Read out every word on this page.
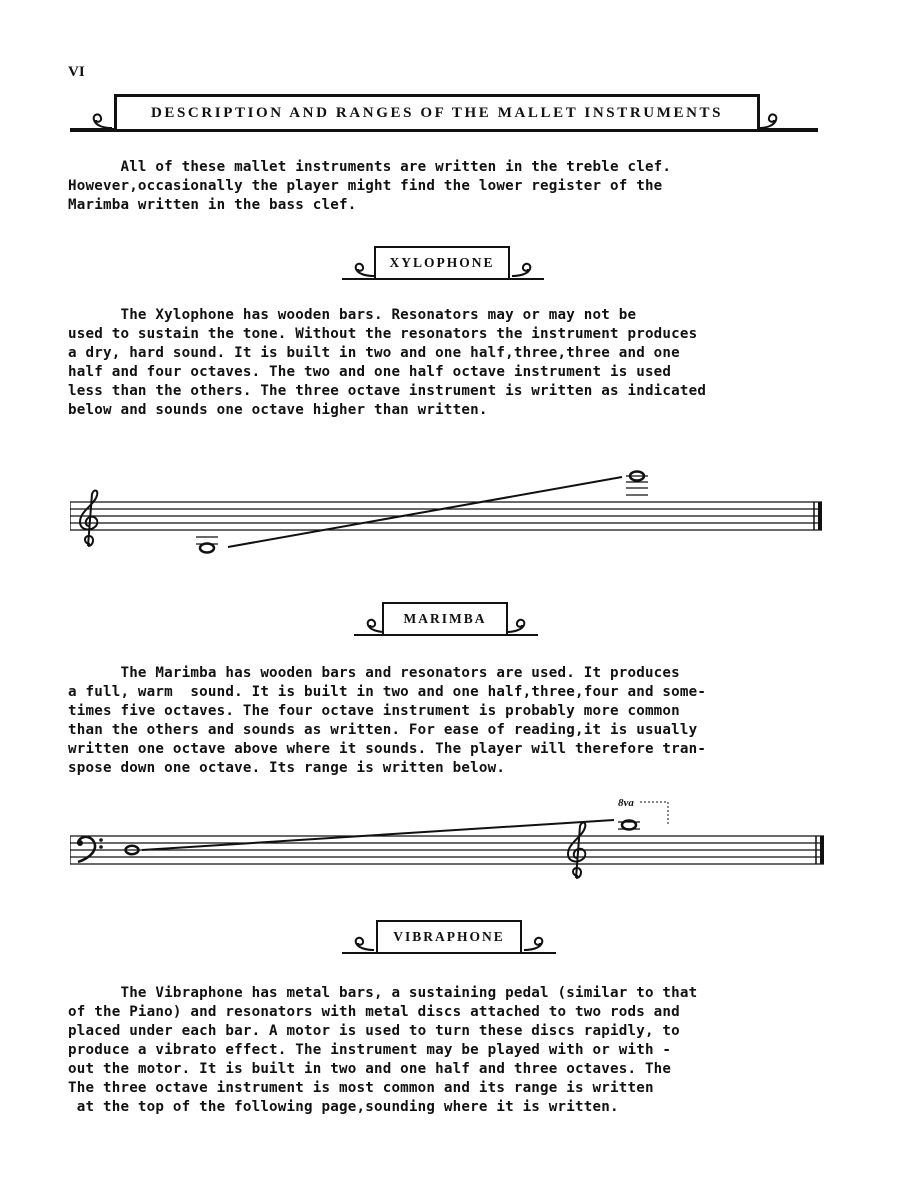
VI
DESCRIPTION AND RANGES OF THE MALLET INSTRUMENTS
All of these mallet instruments are written in the treble clef.
However,occasionally the player might find the lower register of the
Marimba written in the bass clef.
XYLOPHONE
The Xylophone has wooden bars. Resonators may or may not be
used to sustain the tone. Without the resonators the instrument produces
a dry, hard sound. It is built in two and one half,three,three and one
half and four octaves. The two and one half octave instrument is used
less than the others. The three octave instrument is written as indicated
below and sounds one octave higher than written.
MARIMBA
The Marimba has wooden bars and resonators are used. It produces
a full, warm  sound. It is built in two and one half,three,four and some-
times five octaves. The four octave instrument is probably more common
than the others and sounds as written. For ease of reading,it is usually
written one octave above where it sounds. The player will therefore tran-
spose down one octave. Its range is written below.
8va
VIBRAPHONE
The Vibraphone has metal bars, a sustaining pedal (similar to that
of the Piano) and resonators with metal discs attached to two rods and
placed under each bar. A motor is used to turn these discs rapidly, to
produce a vibrato effect. The instrument may be played with or with -
out the motor. It is built in two and one half and three octaves. The
The three octave instrument is most common and its range is written
at the top of the following page,sounding where it is written.
